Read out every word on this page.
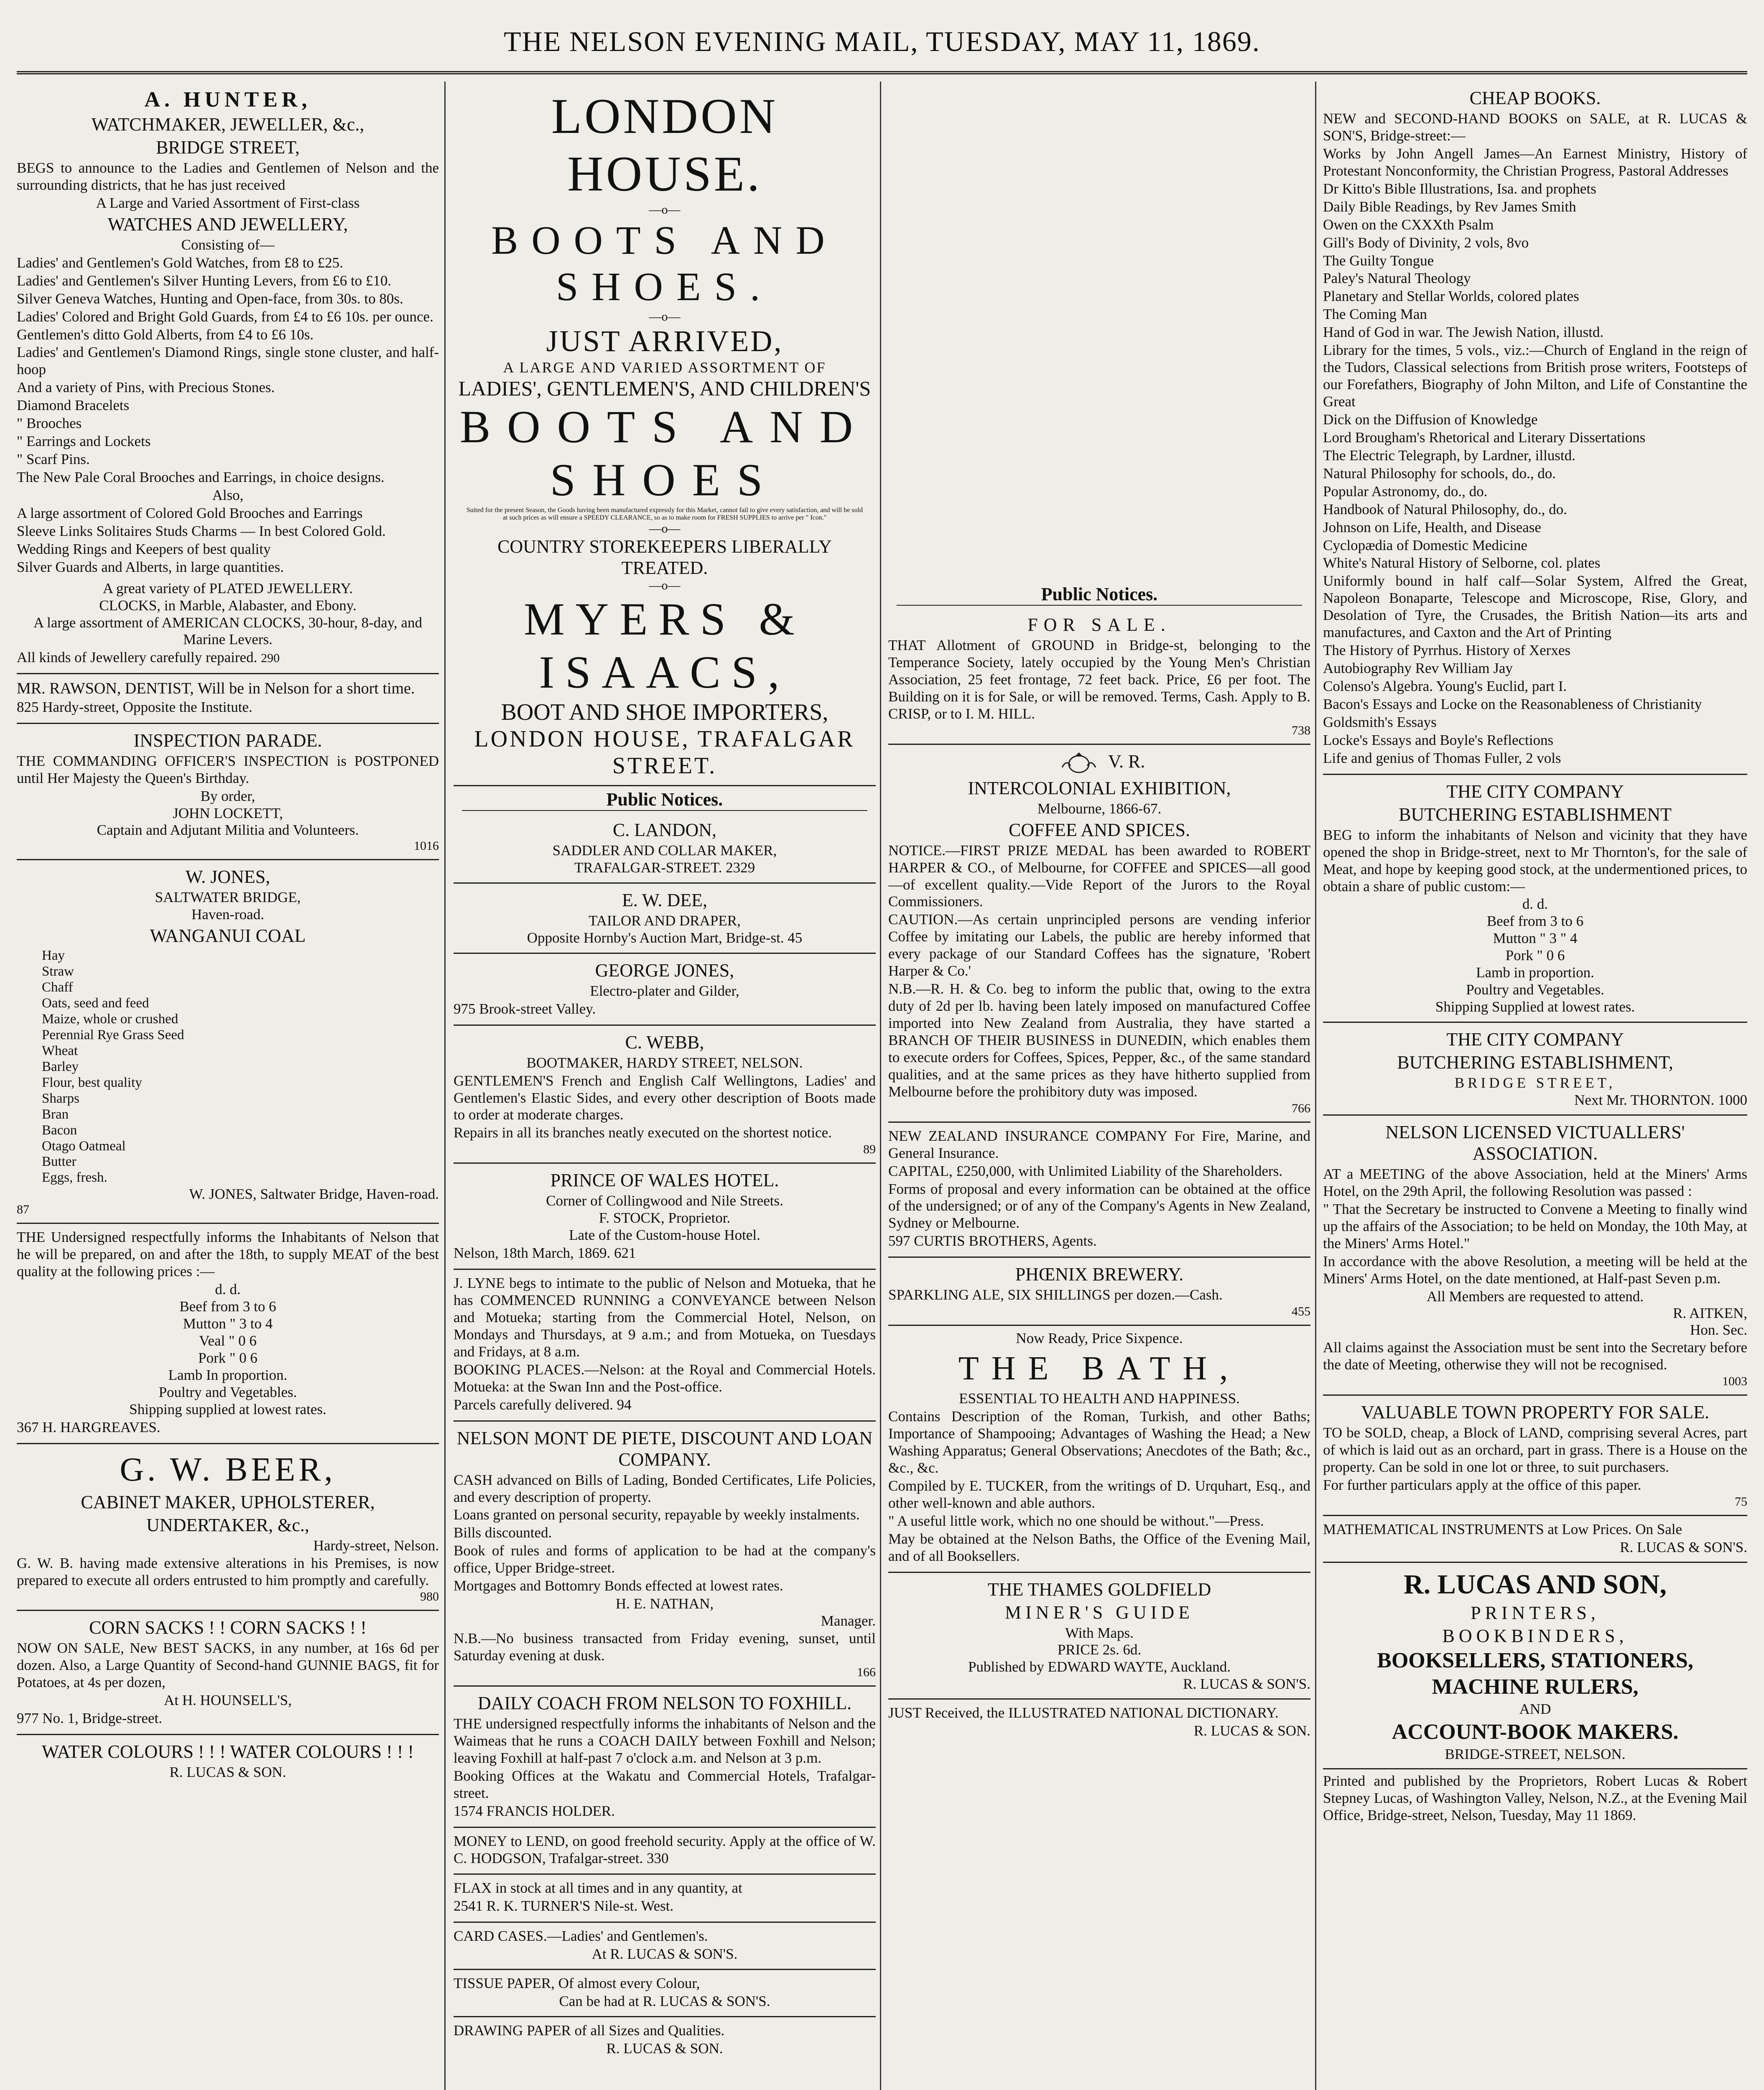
THE NELSON EVENING MAIL, TUESDAY, MAY 11, 1869.
A. HUNTER,
WATCHMAKER, JEWELLER, &c.,
BRIDGE STREET,
BEGS to announce to the Ladies and Gentlemen of Nelson and the surrounding districts, that he has just received
A Large and Varied Assortment of First-class
WATCHES AND JEWELLERY,
Consisting of—
Ladies' and Gentlemen's Gold Watches, from £8 to £25.
Ladies' and Gentlemen's Silver Hunting Levers, from £6 to £10.
Silver Geneva Watches, Hunting and Open-face, from 30s. to 80s.
Ladies' Colored and Bright Gold Guards, from £4 to £6 10s. per ounce.
Gentlemen's ditto Gold Alberts, from £4 to £6 10s.
Ladies' and Gentlemen's Diamond Rings, single stone cluster, and half-hoop
And a variety of Pins, with Precious Stones.
Diamond Bracelets
" Brooches
" Earrings and Lockets
" Scarf Pins.
The New Pale Coral Brooches and Earrings, in choice designs.
Also,
A large assortment of Colored Gold Brooches and Earrings
Sleeve Links Solitaires Studs Charms — In best Colored Gold.
Wedding Rings and Keepers of best quality
Silver Guards and Alberts, in large quantities.
A great variety of PLATED JEWELLERY.
CLOCKS, in Marble, Alabaster, and Ebony.
A large assortment of AMERICAN CLOCKS, 30-hour, 8-day, and Marine Levers.
All kinds of Jewellery carefully repaired. 290
MR. RAWSON, DENTIST, Will be in Nelson for a short time.
825 Hardy-street, Opposite the Institute.
INSPECTION PARADE.
THE COMMANDING OFFICER'S INSPECTION is POSTPONED until Her Majesty the Queen's Birthday.
By order,
JOHN LOCKETT,
Captain and Adjutant Militia and Volunteers.
1016
W. JONES,
SALTWATER BRIDGE,
Haven-road.
WANGANUI COAL
Hay
Straw
Chaff
Oats, seed and feed
Maize, whole or crushed
Perennial Rye Grass Seed
Wheat
Barley
Flour, best quality
Sharps
Bran
Bacon
Otago Oatmeal
Butter
Eggs, fresh.
W. JONES, Saltwater Bridge, Haven-road.
87
THE Undersigned respectfully informs the Inhabitants of Nelson that he will be prepared, on and after the 18th, to supply MEAT of the best quality at the following prices :—
d. d.
Beef from 3 to 6
Mutton " 3 to 4
Veal " 0 6
Pork " 0 6
Lamb In proportion.
Poultry and Vegetables.
Shipping supplied at lowest rates.
367 H. HARGREAVES.
G. W. BEER,
CABINET MAKER, UPHOLSTERER,
UNDERTAKER, &c.,
Hardy-street, Nelson.
G. W. B. having made extensive alterations in his Premises, is now prepared to execute all orders entrusted to him promptly and carefully.
980
CORN SACKS ! ! CORN SACKS ! !
NOW ON SALE, New BEST SACKS, in any number, at 16s 6d per dozen. Also, a Large Quantity of Second-hand GUNNIE BAGS, fit for Potatoes, at 4s per dozen,
At H. HOUNSELL'S,
977 No. 1, Bridge-street.
WATER COLOURS ! ! ! WATER COLOURS ! ! !
R. LUCAS & SON.
LONDON HOUSE.
—o—
BOOTS AND SHOES.
—o—
JUST ARRIVED,
A LARGE AND VARIED ASSORTMENT OF
LADIES', GENTLEMEN'S, AND CHILDREN'S
BOOTS AND SHOES
Suited for the present Season, the Goods having been manufactured expressly for this Market, cannot fail to give every satisfaction, and will be sold at such prices as will ensure a SPEEDY CLEARANCE, so as to make room for FRESH SUPPLIES to arrive per " Icon."
—o—
COUNTRY STOREKEEPERS LIBERALLY TREATED.
—o—
MYERS & ISAACS,
BOOT AND SHOE IMPORTERS,
LONDON HOUSE, TRAFALGAR STREET.
Public Notices.
C. LANDON,
SADDLER AND COLLAR MAKER,
TRAFALGAR-STREET. 2329
E. W. DEE,
TAILOR AND DRAPER,
Opposite Hornby's Auction Mart, Bridge-st. 45
GEORGE JONES,
Electro-plater and Gilder,
975 Brook-street Valley.
C. WEBB,
BOOTMAKER, HARDY STREET, NELSON.
GENTLEMEN'S French and English Calf Wellingtons, Ladies' and Gentlemen's Elastic Sides, and every other description of Boots made to order at moderate charges.
Repairs in all its branches neatly executed on the shortest notice.
89
PRINCE OF WALES HOTEL.
Corner of Collingwood and Nile Streets.
F. STOCK, Proprietor.
Late of the Custom-house Hotel.
Nelson, 18th March, 1869. 621
J. LYNE begs to intimate to the public of Nelson and Motueka, that he has COMMENCED RUNNING a CONVEYANCE between Nelson and Motueka; starting from the Commercial Hotel, Nelson, on Mondays and Thursdays, at 9 a.m.; and from Motueka, on Tuesdays and Fridays, at 8 a.m.
BOOKING PLACES.—Nelson: at the Royal and Commercial Hotels. Motueka: at the Swan Inn and the Post-office.
Parcels carefully delivered. 94
NELSON MONT DE PIETE, DISCOUNT AND LOAN COMPANY.
CASH advanced on Bills of Lading, Bonded Certificates, Life Policies, and every description of property.
Loans granted on personal security, repayable by weekly instalments.
Bills discounted.
Book of rules and forms of application to be had at the company's office, Upper Bridge-street.
Mortgages and Bottomry Bonds effected at lowest rates.
H. E. NATHAN,
Manager.
N.B.—No business transacted from Friday evening, sunset, until Saturday evening at dusk.
166
DAILY COACH FROM NELSON TO FOXHILL.
THE undersigned respectfully informs the inhabitants of Nelson and the Waimeas that he runs a COACH DAILY between Foxhill and Nelson; leaving Foxhill at half-past 7 o'clock a.m. and Nelson at 3 p.m.
Booking Offices at the Wakatu and Commercial Hotels, Trafalgar-street.
1574 FRANCIS HOLDER.
MONEY to LEND, on good freehold security. Apply at the office of W. C. HODGSON, Trafalgar-street. 330
FLAX in stock at all times and in any quantity, at
2541 R. K. TURNER'S Nile-st. West.
CARD CASES.—Ladies' and Gentlemen's.
At R. LUCAS & SON'S.
TISSUE PAPER, Of almost every Colour,
Can be had at R. LUCAS & SON'S.
DRAWING PAPER of all Sizes and Qualities.
R. LUCAS & SON.
Public Notices.
FOR SALE.
THAT Allotment of GROUND in Bridge-st, belonging to the Temperance Society, lately occupied by the Young Men's Christian Association, 25 feet frontage, 72 feet back. Price, £6 per foot. The Building on it is for Sale, or will be removed. Terms, Cash. Apply to B. CRISP, or to I. M. HILL.
738
V. R.
INTERCOLONIAL EXHIBITION,
Melbourne, 1866-67.
COFFEE AND SPICES.
NOTICE.—FIRST PRIZE MEDAL has been awarded to ROBERT HARPER & CO., of Melbourne, for COFFEE and SPICES—all good—of excellent quality.—Vide Report of the Jurors to the Royal Commissioners.
CAUTION.—As certain unprincipled persons are vending inferior Coffee by imitating our Labels, the public are hereby informed that every package of our Standard Coffees has the signature, 'Robert Harper & Co.'
N.B.—R. H. & Co. beg to inform the public that, owing to the extra duty of 2d per lb. having been lately imposed on manufactured Coffee imported into New Zealand from Australia, they have started a BRANCH OF THEIR BUSINESS in DUNEDIN, which enables them to execute orders for Coffees, Spices, Pepper, &c., of the same standard qualities, and at the same prices as they have hitherto supplied from Melbourne before the prohibitory duty was imposed.
766
NEW ZEALAND INSURANCE COMPANY For Fire, Marine, and General Insurance.
CAPITAL, £250,000, with Unlimited Liability of the Shareholders.
Forms of proposal and every information can be obtained at the office of the undersigned; or of any of the Company's Agents in New Zealand, Sydney or Melbourne.
597 CURTIS BROTHERS, Agents.
PHŒNIX BREWERY.
SPARKLING ALE, SIX SHILLINGS per dozen.—Cash.
455
Now Ready, Price Sixpence.
THE BATH,
ESSENTIAL TO HEALTH AND HAPPINESS.
Contains Description of the Roman, Turkish, and other Baths; Importance of Shampooing; Advantages of Washing the Head; a New Washing Apparatus; General Observations; Anecdotes of the Bath; &c., &c., &c.
Compiled by E. TUCKER, from the writings of D. Urquhart, Esq., and other well-known and able authors.
" A useful little work, which no one should be without."—Press.
May be obtained at the Nelson Baths, the Office of the Evening Mail, and of all Booksellers.
THE THAMES GOLDFIELD
MINER'S GUIDE
With Maps.
PRICE 2s. 6d.
Published by EDWARD WAYTE, Auckland.
R. LUCAS & SON'S.
JUST Received, the ILLUSTRATED NATIONAL DICTIONARY.
R. LUCAS & SON.
CHEAP BOOKS.
NEW and SECOND-HAND BOOKS on SALE, at R. LUCAS & SON'S, Bridge-street:—
Works by John Angell James—An Earnest Ministry, History of Protestant Nonconformity, the Christian Progress, Pastoral Addresses
Dr Kitto's Bible Illustrations, Isa. and prophets
Daily Bible Readings, by Rev James Smith
Owen on the CXXXth Psalm
Gill's Body of Divinity, 2 vols, 8vo
The Guilty Tongue
Paley's Natural Theology
Planetary and Stellar Worlds, colored plates
The Coming Man
Hand of God in war. The Jewish Nation, illustd.
Library for the times, 5 vols., viz.:—Church of England in the reign of the Tudors, Classical selections from British prose writers, Footsteps of our Forefathers, Biography of John Milton, and Life of Constantine the Great
Dick on the Diffusion of Knowledge
Lord Brougham's Rhetorical and Literary Dissertations
The Electric Telegraph, by Lardner, illustd.
Natural Philosophy for schools, do., do.
Popular Astronomy, do., do.
Handbook of Natural Philosophy, do., do.
Johnson on Life, Health, and Disease
Cyclopædia of Domestic Medicine
White's Natural History of Selborne, col. plates
Uniformly bound in half calf—Solar System, Alfred the Great, Napoleon Bonaparte, Telescope and Microscope, Rise, Glory, and Desolation of Tyre, the Crusades, the British Nation—its arts and manufactures, and Caxton and the Art of Printing
The History of Pyrrhus. History of Xerxes
Autobiography Rev William Jay
Colenso's Algebra. Young's Euclid, part I.
Bacon's Essays and Locke on the Reasonableness of Christianity
Goldsmith's Essays
Locke's Essays and Boyle's Reflections
Life and genius of Thomas Fuller, 2 vols
THE CITY COMPANY
BUTCHERING ESTABLISHMENT
BEG to inform the inhabitants of Nelson and vicinity that they have opened the shop in Bridge-street, next to Mr Thornton's, for the sale of Meat, and hope by keeping good stock, at the undermentioned prices, to obtain a share of public custom:—
d. d.
Beef from 3 to 6
Mutton " 3 " 4
Pork " 0 6
Lamb in proportion.
Poultry and Vegetables.
Shipping Supplied at lowest rates.
THE CITY COMPANY
BUTCHERING ESTABLISHMENT,
BRIDGE STREET,
Next Mr. THORNTON. 1000
NELSON LICENSED VICTUALLERS' ASSOCIATION.
AT a MEETING of the above Association, held at the Miners' Arms Hotel, on the 29th April, the following Resolution was passed :
" That the Secretary be instructed to Convene a Meeting to finally wind up the affairs of the Association; to be held on Monday, the 10th May, at the Miners' Arms Hotel."
In accordance with the above Resolution, a meeting will be held at the Miners' Arms Hotel, on the date mentioned, at Half-past Seven p.m.
All Members are requested to attend.
R. AITKEN,
Hon. Sec.
All claims against the Association must be sent into the Secretary before the date of Meeting, otherwise they will not be recognised.
1003
VALUABLE TOWN PROPERTY FOR SALE.
TO be SOLD, cheap, a Block of LAND, comprising several Acres, part of which is laid out as an orchard, part in grass. There is a House on the property. Can be sold in one lot or three, to suit purchasers.
For further particulars apply at the office of this paper.
75
MATHEMATICAL INSTRUMENTS at Low Prices. On Sale
R. LUCAS & SON'S.
R. LUCAS AND SON,
PRINTERS,
BOOKBINDERS,
BOOKSELLERS, STATIONERS,
MACHINE RULERS,
AND
ACCOUNT-BOOK MAKERS.
BRIDGE-STREET, NELSON.
Printed and published by the Proprietors, Robert Lucas & Robert Stepney Lucas, of Washington Valley, Nelson, N.Z., at the Evening Mail Office, Bridge-street, Nelson, Tuesday, May 11 1869.
